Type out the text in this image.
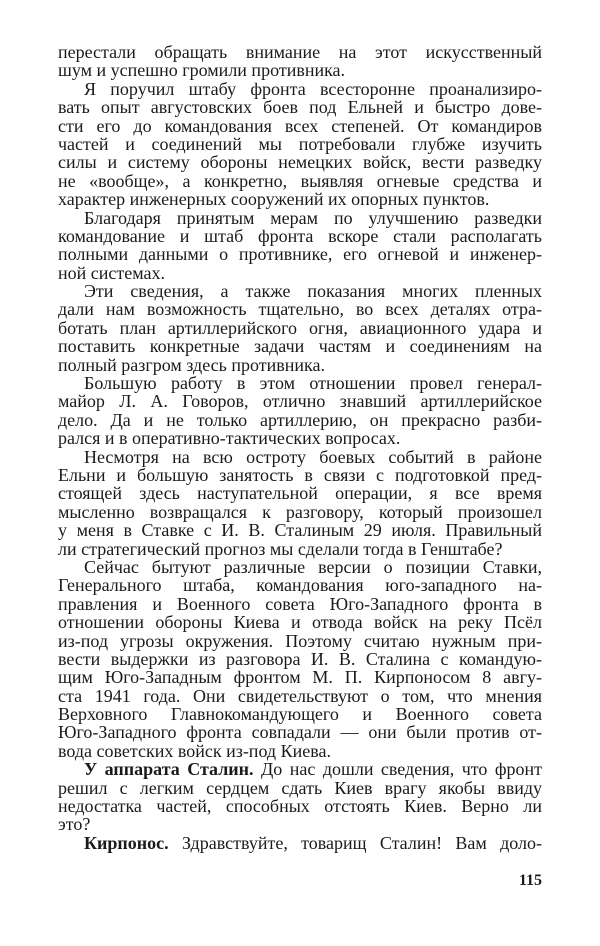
перестали обращать внимание на этот искусственный
шум и успешно громили противника.
Я поручил штабу фронта всесторонне проанализиро-
вать опыт августовских боев под Ельней и быстро дове-
сти его до командования всех степеней. От командиров
частей и соединений мы потребовали глубже изучить
силы и систему обороны немецких войск, вести разведку
не «вообще», а конкретно, выявляя огневые средства и
характер инженерных сооружений их опорных пунктов.
Благодаря принятым мерам по улучшению разведки
командование и штаб фронта вскоре стали располагать
полными данными о противнике, его огневой и инженер-
ной системах.
Эти сведения, а также показания многих пленных
дали нам возможность тщательно, во всех деталях отра-
ботать план артиллерийского огня, авиационного удара и
поставить конкретные задачи частям и соединениям на
полный разгром здесь противника.
Большую работу в этом отношении провел генерал-
майор Л. А. Говоров, отлично знавший артиллерийское
дело. Да и не только артиллерию, он прекрасно разби-
рался и в оперативно-тактических вопросах.
Несмотря на всю остроту боевых событий в районе
Ельни и большую занятость в связи с подготовкой пред-
стоящей здесь наступательной операции, я все время
мысленно возвращался к разговору, который произошел
у меня в Ставке с И. В. Сталиным 29 июля. Правильный
ли стратегический прогноз мы сделали тогда в Генштабе?
Сейчас бытуют различные версии о позиции Ставки,
Генерального штаба, командования юго-западного на-
правления и Военного совета Юго-Западного фронта в
отношении обороны Киева и отвода войск на реку Псёл
из-под угрозы окружения. Поэтому считаю нужным при-
вести выдержки из разговора И. В. Сталина с командую-
щим Юго-Западным фронтом М. П. Кирпоносом 8 авгу-
ста 1941 года. Они свидетельствуют о том, что мнения
Верховного Главнокомандующего и Военного совета
Юго-Западного фронта совпадали — они были против от-
вода советских войск из-под Киева.
У аппарата Сталин. До нас дошли сведения, что фронт
решил с легким сердцем сдать Киев врагу якобы ввиду
недостатка частей, способных отстоять Киев. Верно ли
это?
Кирпонос. Здравствуйте, товарищ Сталин! Вам доло-
115
